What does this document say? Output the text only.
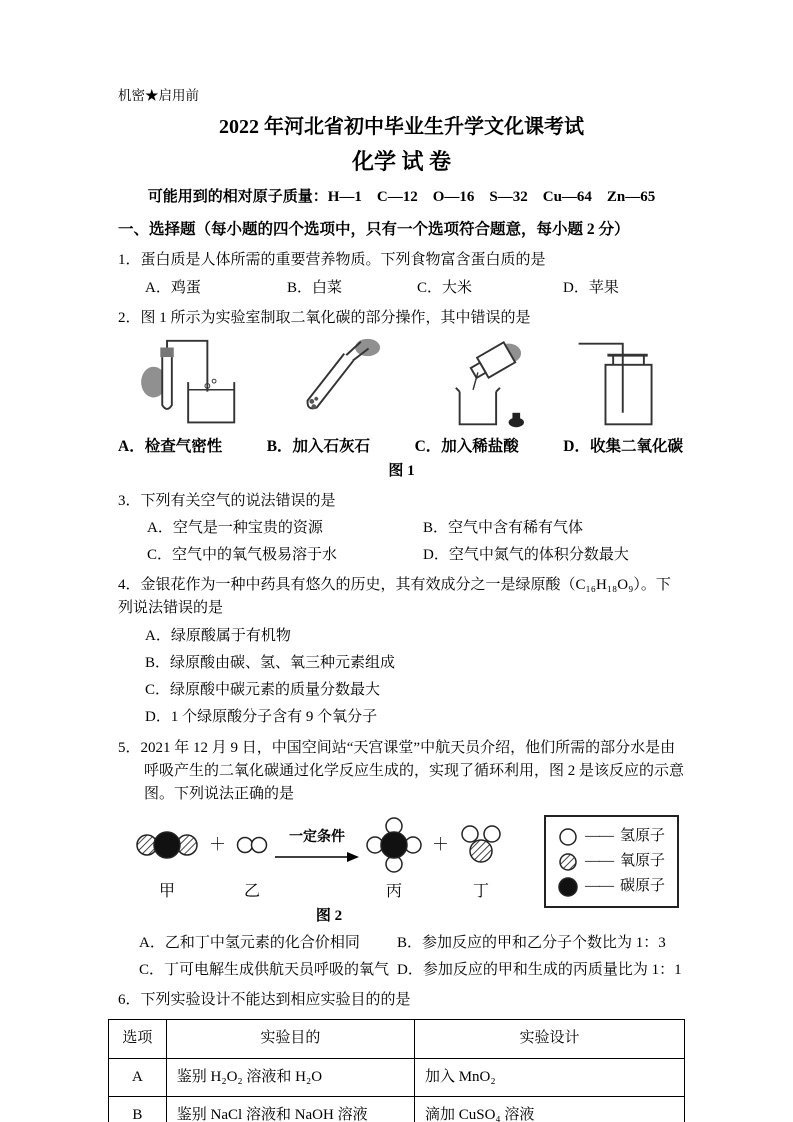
机密★启用前
2022 年河北省初中毕业生升学文化课考试
化学 试 卷
可能用到的相对原子质量：H—1　C—12　O—16　S—32　Cu—64　Zn—65
一、选择题（每小题的四个选项中，只有一个选项符合题意，每小题 2 分）
1．蛋白质是人体所需的重要营养物质。下列食物富含蛋白质的是
A．鸡蛋	B．白菜	C．大米	D．苹果
2．图 1 所示为实验室制取二氧化碳的部分操作，其中错误的是
A．检查气密性	B．加入石灰石	C．加入稀盐酸	D．收集二氧化碳
图 1
3．下列有关空气的说法错误的是
A．空气是一种宝贵的资源	B．空气中含有稀有气体
C．空气中的氧气极易溶于水	D．空气中氮气的体积分数最大
4．金银花作为一种中药具有悠久的历史，其有效成分之一是绿原酸（C₁₆H₁₈O₉）。下列说法错误的是
A．绿原酸属于有机物
B．绿原酸由碳、氢、氧三种元素组成
C．绿原酸中碳元素的质量分数最大
D．1 个绿原酸分子含有 9 个氧分子
5．2021 年 12 月 9 日，中国空间站“天宫课堂”中航天员介绍，他们所需的部分水是由呼吸产生的二氧化碳通过化学反应生成的，实现了循环利用，图 2 是该反应的示意图。下列说法正确的是
甲
＋
乙
一定条件
丙
＋
丁
图 2
—— 氢原子
—— 氧原子
—— 碳原子
A．乙和丁中氢元素的化合价相同	B．参加反应的甲和乙分子个数比为 1：3
C．丁可电解生成供航天员呼吸的氧气 D．参加反应的甲和生成的丙质量比为 1：1
6．下列实验设计不能达到相应实验目的的是
选项	实验目的	实验设计
A	鉴别 H₂O₂ 溶液和 H₂O	加入 MnO₂
B	鉴别 NaCl 溶液和 NaOH 溶液	滴加 CuSO₄ 溶液
